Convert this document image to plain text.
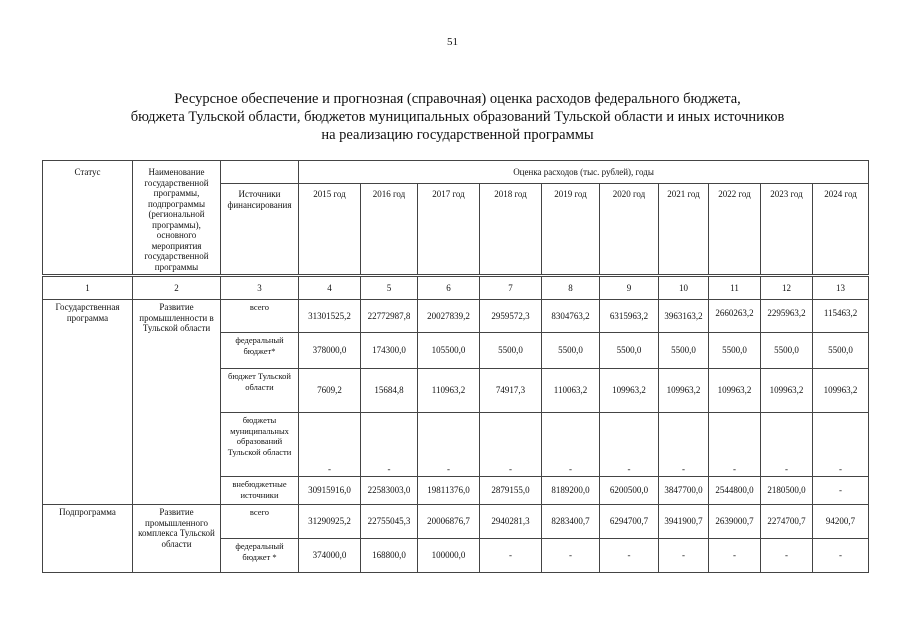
51
Ресурсное обеспечение и прогнозная (справочная) оценка расходов федерального бюджета,
бюджета Тульской области, бюджетов муниципальных образований Тульской области и иных источников
на реализацию государственной программы
Статус	Наименование государственной программы, подпрограммы (региональной программы), основного мероприятия государственной программы		Оценка расходов (тыс. рублей), годы									
		Источники финансирования	2015 год	2016 год	2017 год	2018 год	2019 год	2020 год	2021 год	2022 год	2023 год	2024 год
1	2	3	4	5	6	7	8	9	10	11	12	13
Государственная программа	Развитие промышленности в Тульской области	всего	31301525,2	22772987,8	20027839,2	2959572,3	8304763,2	6315963,2	3963163,2	2660263,2	2295963,2	115463,2
		федеральный бюджет*	378000,0	174300,0	105500,0	5500,0	5500,0	5500,0	5500,0	5500,0	5500,0	5500,0
		бюджет Тульской области	7609,2	15684,8	110963,2	74917,3	110063,2	109963,2	109963,2	109963,2	109963,2	109963,2
		бюджеты муниципальных образований Тульской области	-	-	-	-	-	-	-	-	-	-
		внебюджетные источники	30915916,0	22583003,0	19811376,0	2879155,0	8189200,0	6200500,0	3847700,0	2544800,0	2180500,0	-
Подпрограмма	Развитие промышленного комплекса Тульской области	всего	31290925,2	22755045,3	20006876,7	2940281,3	8283400,7	6294700,7	3941900,7	2639000,7	2274700,7	94200,7
		федеральный бюджет *	374000,0	168800,0	100000,0	-	-	-	-	-	-	-
